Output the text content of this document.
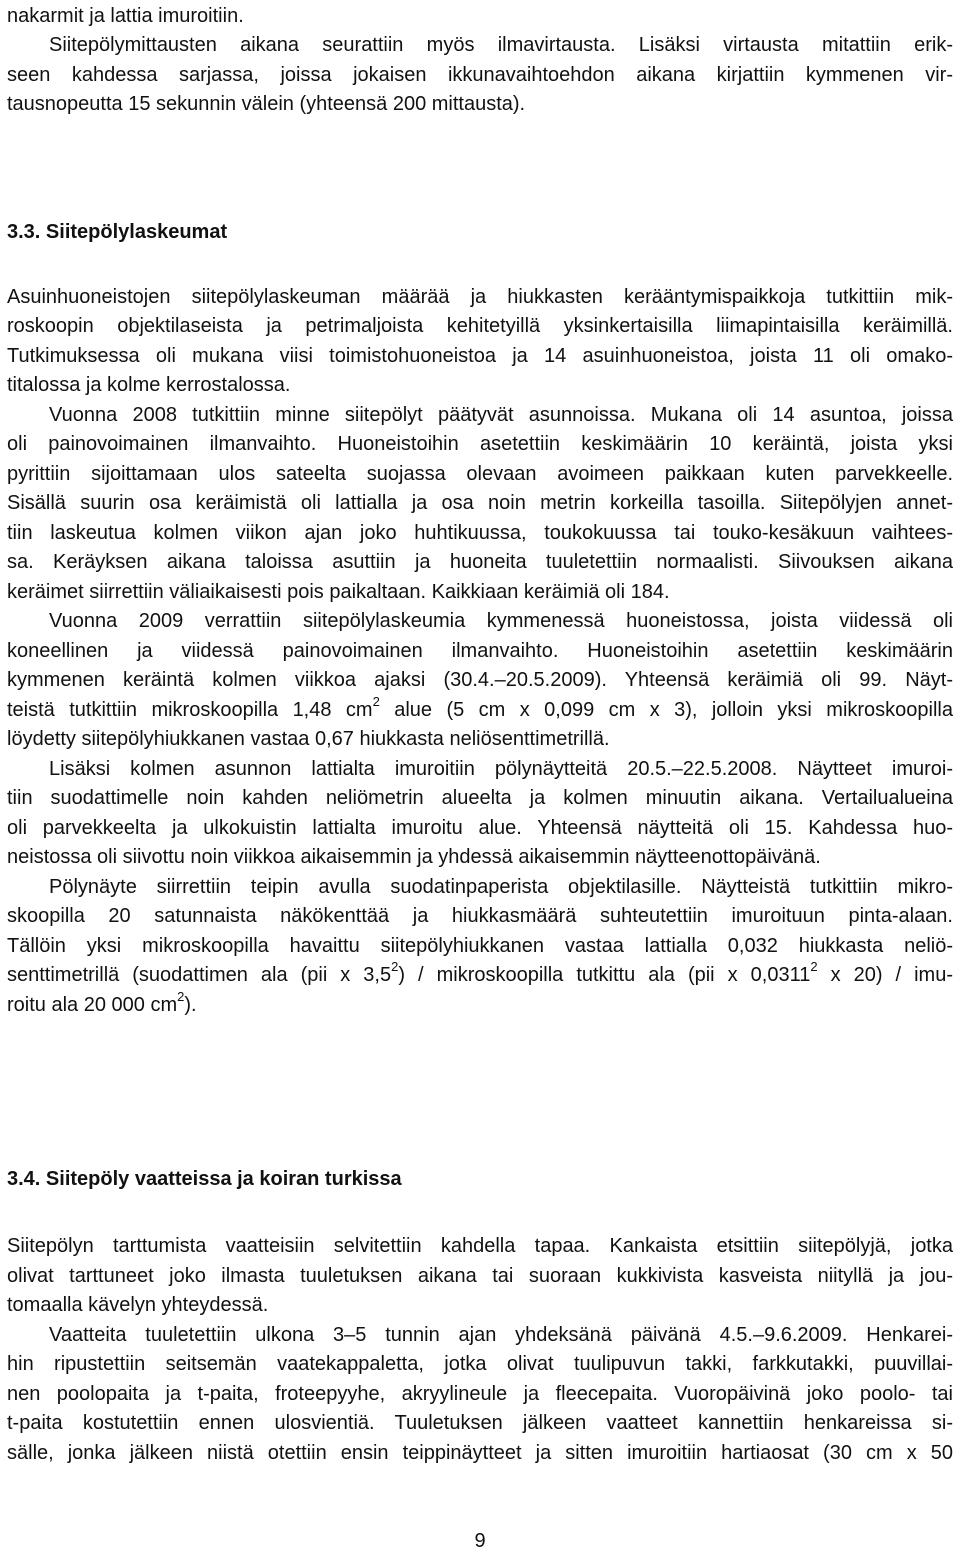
nakarmit ja lattia imuroitiin.
Siitepölymittausten aikana seurattiin myös ilmavirtausta. Lisäksi virtausta mitattiin erik-
seen kahdessa sarjassa, joissa jokaisen ikkunavaihtoehdon aikana kirjattiin kymmenen vir-
tausnopeutta 15 sekunnin välein (yhteensä 200 mittausta).
3.3. Siitepölylaskeumat
Asuinhuoneistojen siitepölylaskeuman määrää ja hiukkasten kerääntymispaikkoja tutkittiin mik-
roskoopin objektilaseista ja petrimaljoista kehitetyillä yksinkertaisilla liimapintaisilla keräimillä.
Tutkimuksessa oli mukana viisi toimistohuoneistoa ja 14 asuinhuoneistoa, joista 11 oli omako-
titalossa ja kolme kerrostalossa.
Vuonna 2008 tutkittiin minne siitepölyt päätyvät asunnoissa. Mukana oli 14 asuntoa, joissa
oli painovoimainen ilmanvaihto. Huoneistoihin asetettiin keskimäärin 10 keräintä, joista yksi
pyrittiin sijoittamaan ulos sateelta suojassa olevaan avoimeen paikkaan kuten parvekkeelle.
Sisällä suurin osa keräimistä oli lattialla ja osa noin metrin korkeilla tasoilla. Siitepölyjen annet-
tiin laskeutua kolmen viikon ajan joko huhtikuussa, toukokuussa tai touko-kesäkuun vaihtees-
sa. Keräyksen aikana taloissa asuttiin ja huoneita tuuletettiin normaalisti. Siivouksen aikana
keräimet siirrettiin väliaikaisesti pois paikaltaan. Kaikkiaan keräimiä oli 184.
Vuonna 2009 verrattiin siitepölylaskeumia kymmenessä huoneistossa, joista viidessä oli
koneellinen ja viidessä painovoimainen ilmanvaihto. Huoneistoihin asetettiin keskimäärin
kymmenen keräintä kolmen viikkoa ajaksi (30.4.–20.5.2009). Yhteensä keräimiä oli 99. Näyt-
teistä tutkittiin mikroskoopilla 1,48 $cm^2$ alue (5 cm x 0,099 cm x 3), jolloin yksi mikroskoopilla
löydetty siitepölyhiukkanen vastaa 0,67 hiukkasta neliösenttimetrillä.
Lisäksi kolmen asunnon lattialta imuroitiin pölynäytteitä 20.5.–22.5.2008. Näytteet imuroi-
tiin suodattimelle noin kahden neliömetrin alueelta ja kolmen minuutin aikana. Vertailualueina
oli parvekkeelta ja ulkokuistin lattialta imuroitu alue. Yhteensä näytteitä oli 15. Kahdessa huo-
neistossa oli siivottu noin viikkoa aikaisemmin ja yhdessä aikaisemmin näytteenottopäivänä.
Pölynäyte siirrettiin teipin avulla suodatinpaperista objektilasille. Näytteistä tutkittiin mikro-
skoopilla 20 satunnaista näkökenttää ja hiukkasmäärä suhteutettiin imuroituun pinta-alaan.
Tällöin yksi mikroskoopilla havaittu siitepölyhiukkanen vastaa lattialla 0,032 hiukkasta neliö-
senttimetrillä (suodattimen ala (pii x $3,5^2$) / mikroskoopilla tutkittu ala (pii x 0,0311$^2$ x 20) / imu-
roitu ala 20 000 $cm^2$).
3.4. Siitepöly vaatteissa ja koiran turkissa
Siitepölyn tarttumista vaatteisiin selvitettiin kahdella tapaa. Kankaista etsittiin siitepölyjä, jotka
olivat tarttuneet joko ilmasta tuuletuksen aikana tai suoraan kukkivista kasveista niityllä ja jou-
tomaalla kävelyn yhteydessä.
Vaatteita tuuletettiin ulkona 3–5 tunnin ajan yhdeksänä päivänä 4.5.–9.6.2009. Henkarei-
hin ripustettiin seitsemän vaatekappaletta, jotka olivat tuulipuvun takki, farkkutakki, puuvillai-
nen poolopaita ja t-paita, froteepyyhe, akryylineule ja fleecepaita. Vuoropäivinä joko poolo- tai
t-paita kostutettiin ennen ulosvientiä. Tuuletuksen jälkeen vaatteet kannettiin henkareissa si-
sälle, jonka jälkeen niistä otettiin ensin teippinäytteet ja sitten imuroitiin hartiaosat (30 cm x 50
9
